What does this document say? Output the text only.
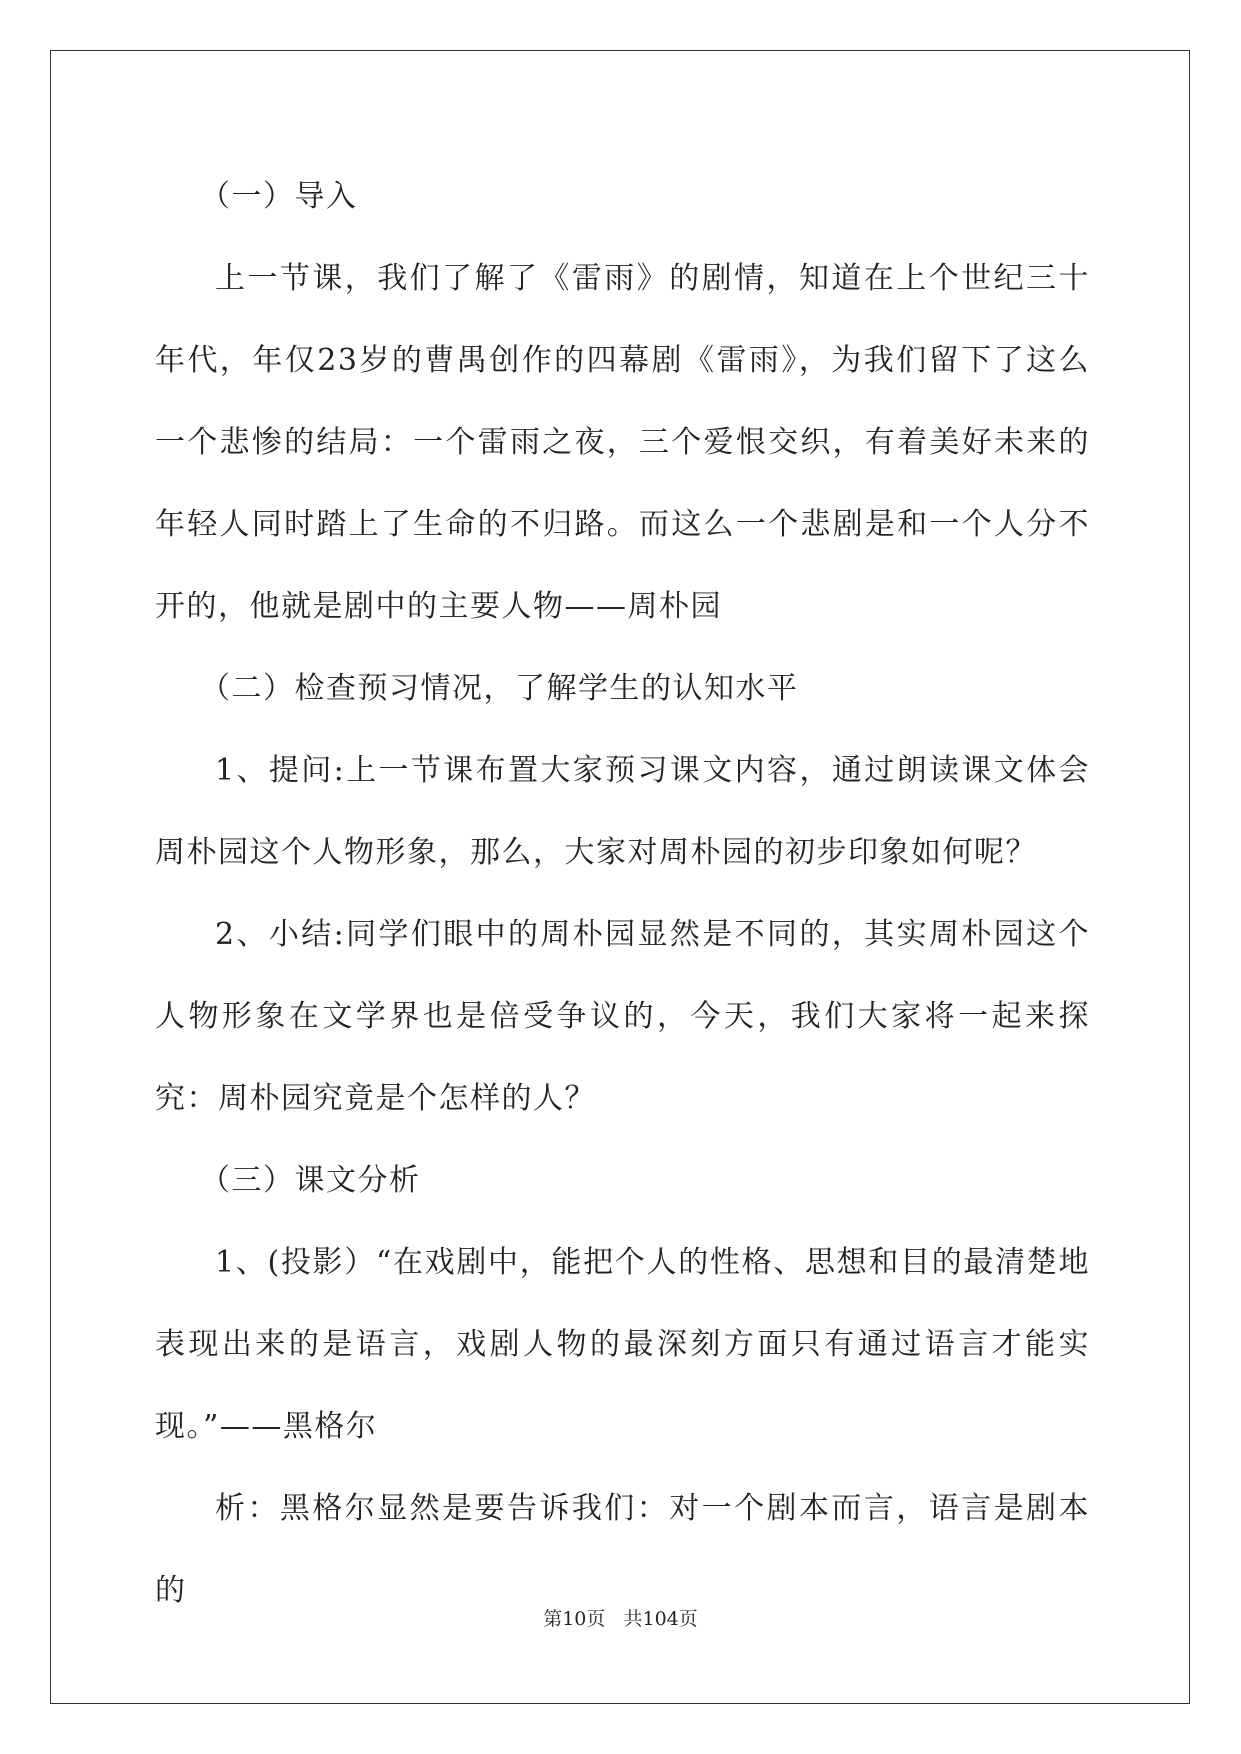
（一）导入

上一节课，我们了解了《雷雨》的剧情，知道在上个世纪三十年代，年仅23岁的曹禺创作的四幕剧《雷雨》，为我们留下了这么一个悲惨的结局：一个雷雨之夜，三个爱恨交织，有着美好未来的年轻人同时踏上了生命的不归路。而这么一个悲剧是和一个人分不开的，他就是剧中的主要人物——周朴园

（二）检查预习情况，了解学生的认知水平

1、提问:上一节课布置大家预习课文内容，通过朗读课文体会周朴园这个人物形象，那么，大家对周朴园的初步印象如何呢？

2、小结:同学们眼中的周朴园显然是不同的，其实周朴园这个人物形象在文学界也是倍受争议的，今天，我们大家将一起来探究：周朴园究竟是个怎样的人？

（三）课文分析

1、(投影）“在戏剧中，能把个人的性格、思想和目的最清楚地表现出来的是语言，戏剧人物的最深刻方面只有通过语言才能实现。”——黑格尔

析：黑格尔显然是要告诉我们：对一个剧本而言，语言是剧本的

第10页 共104页
